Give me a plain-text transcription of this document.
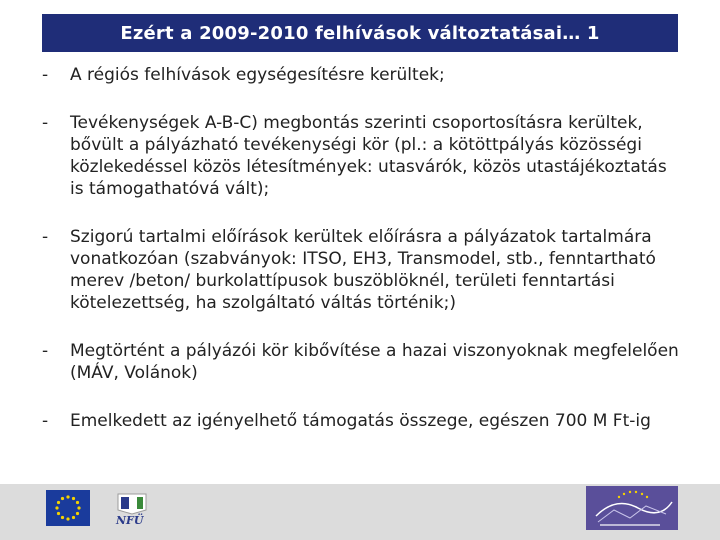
Ezért a 2009-2010 felhívások változtatásai… 1
-	A régiós felhívások egységesítésre kerültek;
-	Tevékenységek A-B-C) megbontás szerinti csoportosításra kerültek, bővült a pályázható tevékenységi kör (pl.: a kötöttpályás közösségi közlekedéssel közös létesítmények: utasvárók, közös utastájékoztatás is támogathatóvá vált);
-	Szigorú tartalmi előírások kerültek előírásra a pályázatok tartalmára vonatkozóan (szabványok: ITSO, EH3, Transmodel, stb., fenntartható merev /beton/ burkolattípusok buszöblöknél, területi fenntartási kötelezettség, ha szolgáltató váltás történik;)
-	Megtörtént a pályázói kör kibővítése a hazai viszonyoknak megfelelően (MÁV, Volánok)
-	Emelkedett az igényelhető támogatás összege, egészen 700 M Ft-ig
NFÜ
